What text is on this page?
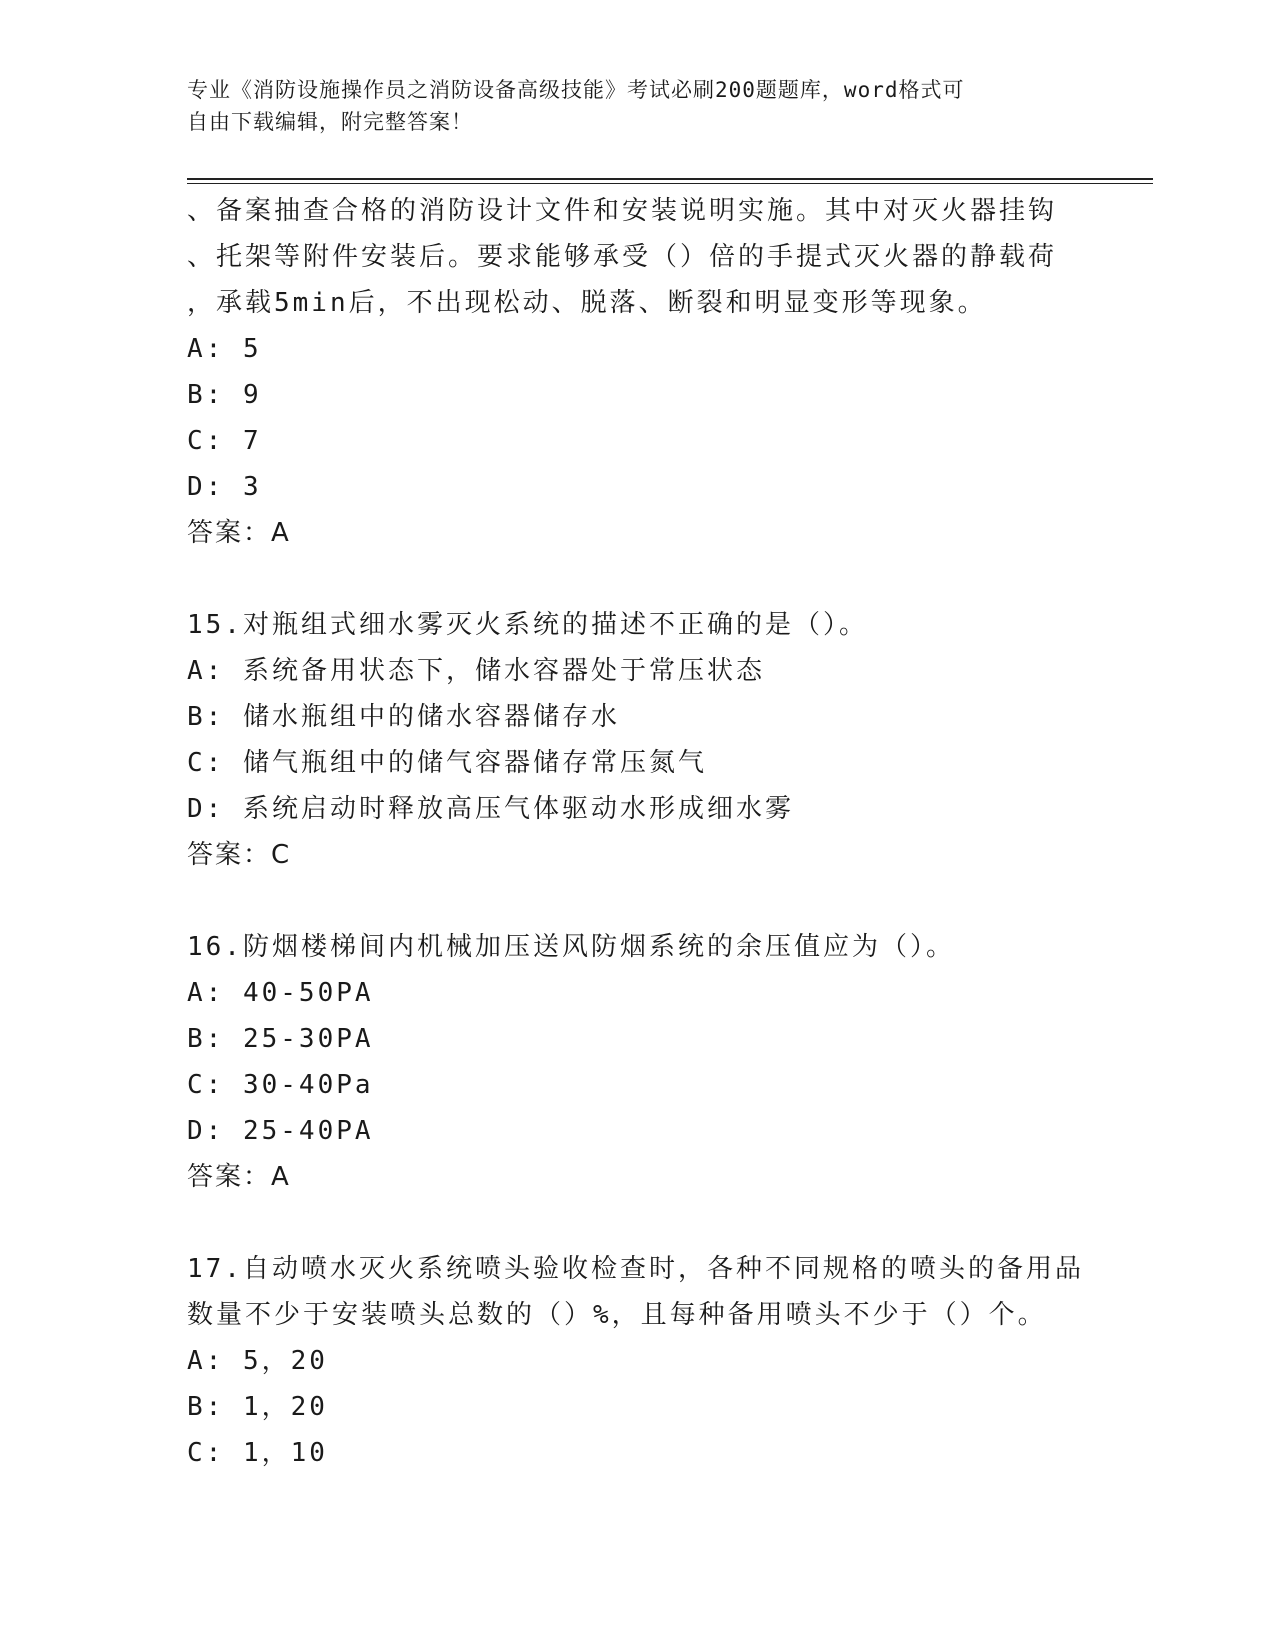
专业《消防设施操作员之消防设备高级技能》考试必刷200题题库，word格式可
自由下载编辑，附完整答案！
、备案抽查合格的消防设计文件和安装说明实施。其中对灭火器挂钩
、托架等附件安装后。要求能够承受（）倍的手提式灭火器的静载荷
，承载5min后，不出现松动、脱落、断裂和明显变形等现象。
A: 5
B: 9
C: 7
D: 3
答案：A
15.对瓶组式细水雾灭火系统的描述不正确的是（）。
A: 系统备用状态下，储水容器处于常压状态
B: 储水瓶组中的储水容器储存水
C: 储气瓶组中的储气容器储存常压氮气
D: 系统启动时释放高压气体驱动水形成细水雾
答案：C
16.防烟楼梯间内机械加压送风防烟系统的余压值应为（）。
A: 40-50PA
B: 25-30PA
C: 30-40Pa
D: 25-40PA
答案：A
17.自动喷水灭火系统喷头验收检查时，各种不同规格的喷头的备用品
数量不少于安装喷头总数的（）%，且每种备用喷头不少于（）个。
A: 5，20
B: 1，20
C: 1，10
